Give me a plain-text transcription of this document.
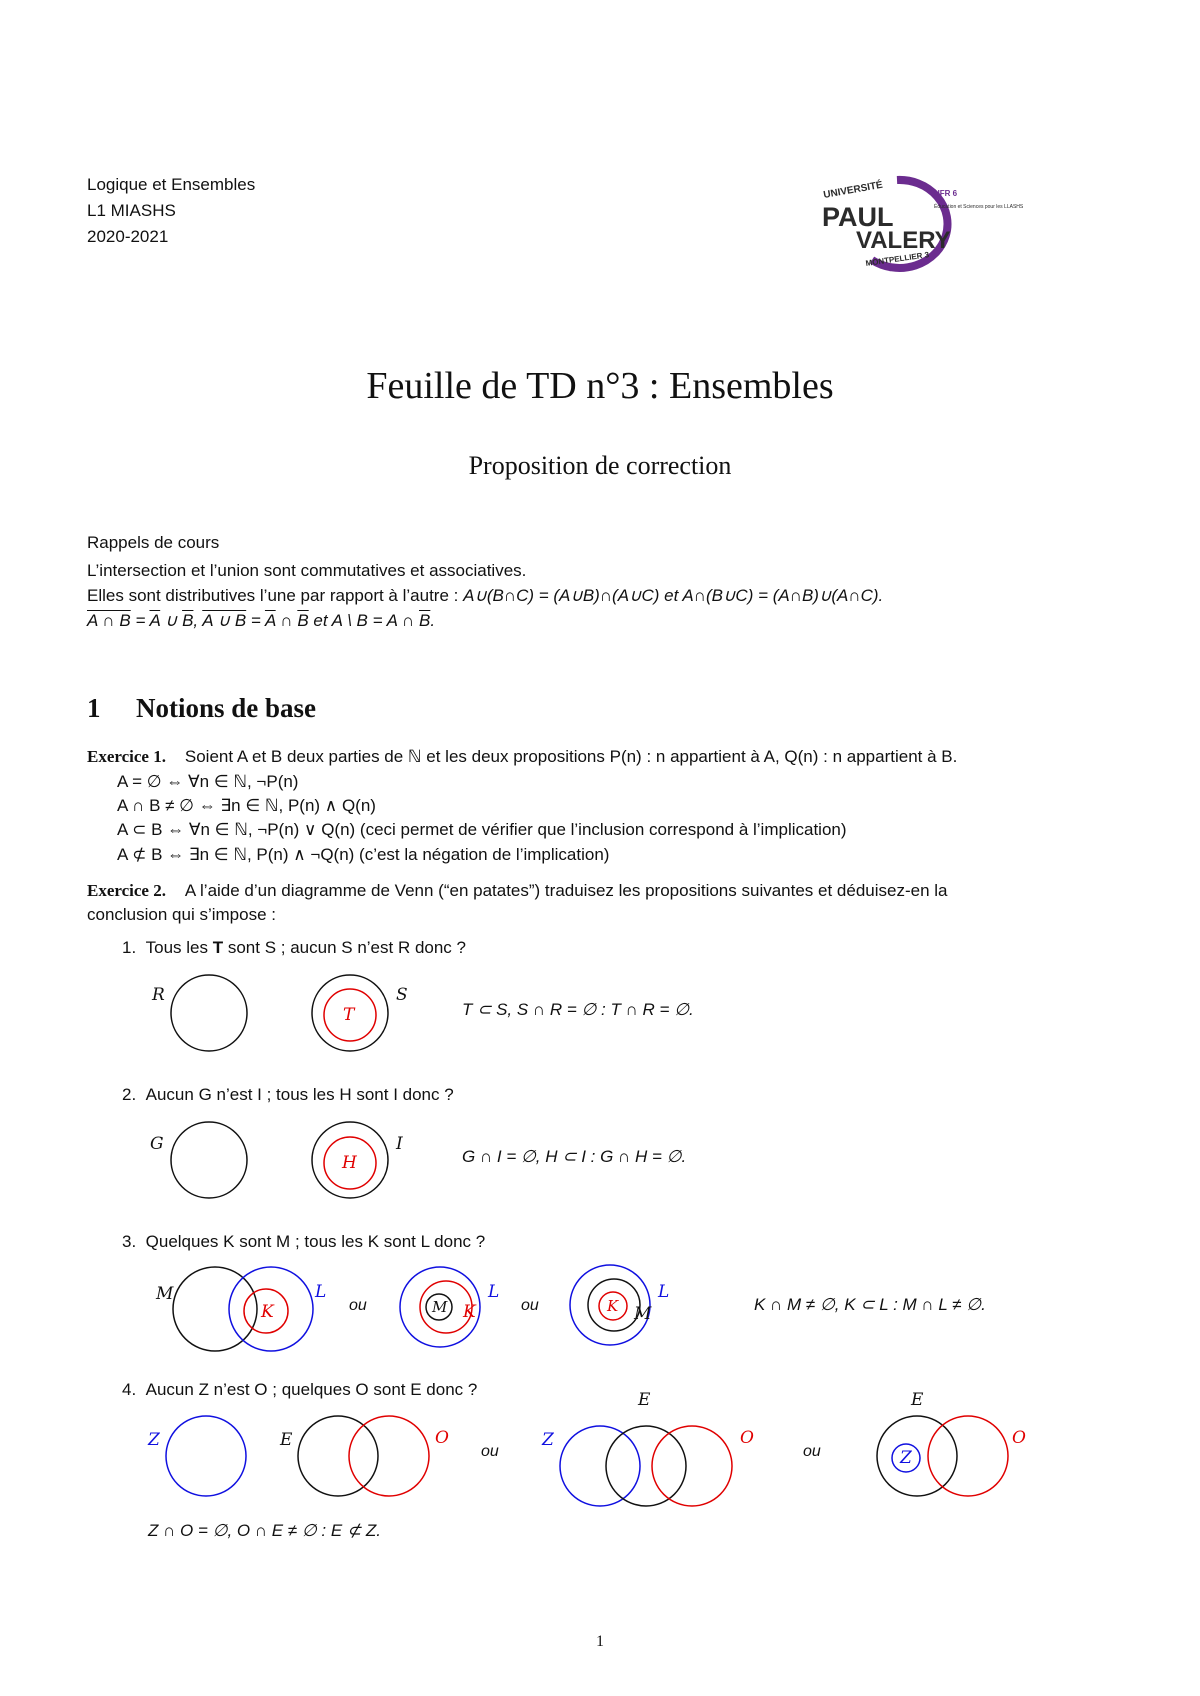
Logique et Ensembles
L1 MIASHS
2020-2021
UNIVERSITÉ
PAUL
VALERY
MONTPELLIER 3
UFR 6
Éducation et Sciences pour les LLASHS
Feuille de TD n°3 : Ensembles
Proposition de correction
Rappels de cours
L’intersection et l’union sont commutatives et associatives.
Elles sont distributives l’une par rapport à l’autre : A∪(B∩C) = (A∪B)∩(A∪C) et A∩(B∪C) = (A∩B)∪(A∩C).
A ∩ $B = \overline{A}$ ∪ $\overline{B}$, A ∪ $B = \overline{A}$ ∩ $\overline{B}$ et A \ B = A ∩ $\overline{B}$.
1 Notions de base
Exercice 1. Soient A et B deux parties de ℕ et les deux propositions P(n) : n appartient à A, Q(n) : n appartient à B.
A = ∅ ⇔ ∀n ∈ ℕ, ¬P(n)
A ∩ B ≠ ∅ ⇔ ∃n ∈ ℕ, P(n) ∧ Q(n)
A ⊂ B ⇔ ∀n ∈ ℕ, ¬P(n) ∨ Q(n) (ceci permet de vérifier que l’inclusion correspond à l’implication)
A ⊄ B ⇔ ∃n ∈ ℕ, P(n) ∧ ¬Q(n) (c’est la négation de l’implication)
Exercice 2. A l’aide d’un diagramme de Venn (“en patates”) traduisez les propositions suivantes et déduisez-en la
conclusion qui s’impose :
1. Tous les T sont S ; aucun S n’est R donc ?
R	S
T	T ⊂ S, S ∩ R = ∅ : T ∩ R = ∅.
2. Aucun G n’est I ; tous les H sont I donc ?
G	I
H	G ∩ I = ∅, H ⊂ I : G ∩ H = ∅.
3. Quelques K sont M ; tous les K sont L donc ?
M	L
K	ou	M K
L
ou	K M
L
K ∩ M ≠ ∅, K ⊂ L : M ∩ L ≠ ∅.
4. Aucun Z n’est O ; quelques O sont E donc ?
Z	E	O
ou
E
Z	O
ou
E
Z
O
Z ∩ O = ∅, O ∩ E ≠ ∅ : E ⊄ Z.
1
